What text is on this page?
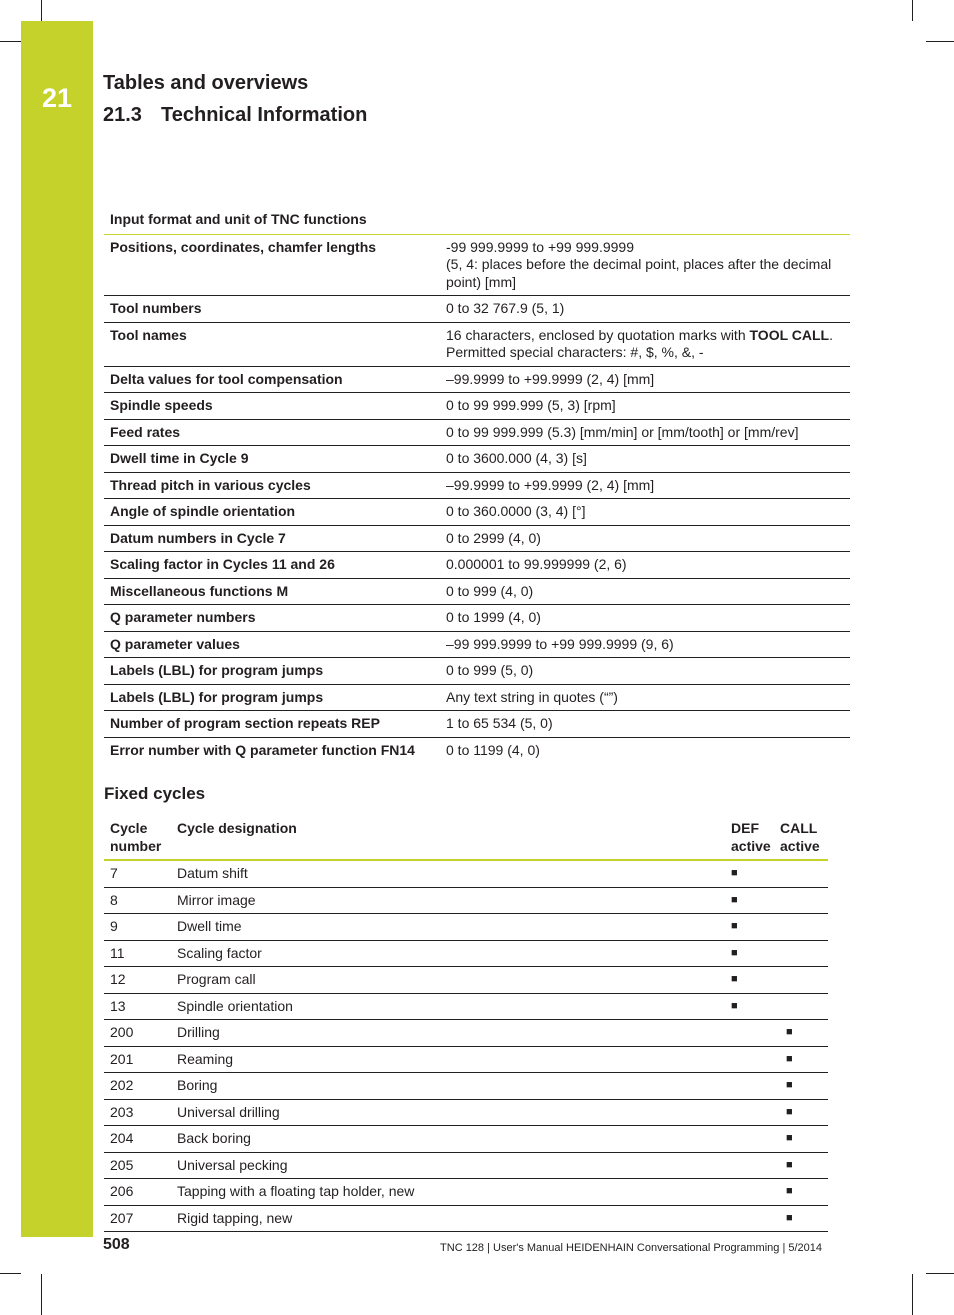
21	Tables and overviews
21.3 Technical Information
Input format and unit of TNC functions	
Positions, coordinates, chamfer lengths	-99 999.9999 to +99 999.9999
(5, 4: places before the decimal point, places after the decimal point) [mm]
Tool numbers	0 to 32 767.9 (5, 1)
Tool names	16 characters, enclosed by quotation marks with TOOL CALL. Permitted special characters: #, $, %, &, -
Delta values for tool compensation	–99.9999 to +99.9999 (2, 4) [mm]
Spindle speeds	0 to 99 999.999 (5, 3) [rpm]
Feed rates	0 to 99 999.999 (5.3) [mm/min] or [mm/tooth] or [mm/rev]
Dwell time in Cycle 9	0 to 3600.000 (4, 3) [s]
Thread pitch in various cycles	–99.9999 to +99.9999 (2, 4) [mm]
Angle of spindle orientation	0 to 360.0000 (3, 4) [°]
Datum numbers in Cycle 7	0 to 2999 (4, 0)
Scaling factor in Cycles 11 and 26	0.000001 to 99.999999 (2, 6)
Miscellaneous functions M	0 to 999 (4, 0)
Q parameter numbers	0 to 1999 (4, 0)
Q parameter values	–99 999.9999 to +99 999.9999 (9, 6)
Labels (LBL) for program jumps	0 to 999 (5, 0)
Labels (LBL) for program jumps	Any text string in quotes (“”)
Number of program section repeats REP	1 to 65 534 (5, 0)
Error number with Q parameter function FN14	0 to 1199 (4, 0)
Fixed cycles
Cycle number	Cycle designation	DEF active	CALL active
7	Datum shift	■	
8	Mirror image	■	
9	Dwell time	■	
11	Scaling factor	■	
12	Program call	■	
13	Spindle orientation	■	
200	Drilling		■
201	Reaming		■
202	Boring		■
203	Universal drilling		■
204	Back boring		■
205	Universal pecking		■
206	Tapping with a floating tap holder, new		■
207	Rigid tapping, new		■
508	TNC 128 | User's Manual HEIDENHAIN Conversational Programming | 5/2014
